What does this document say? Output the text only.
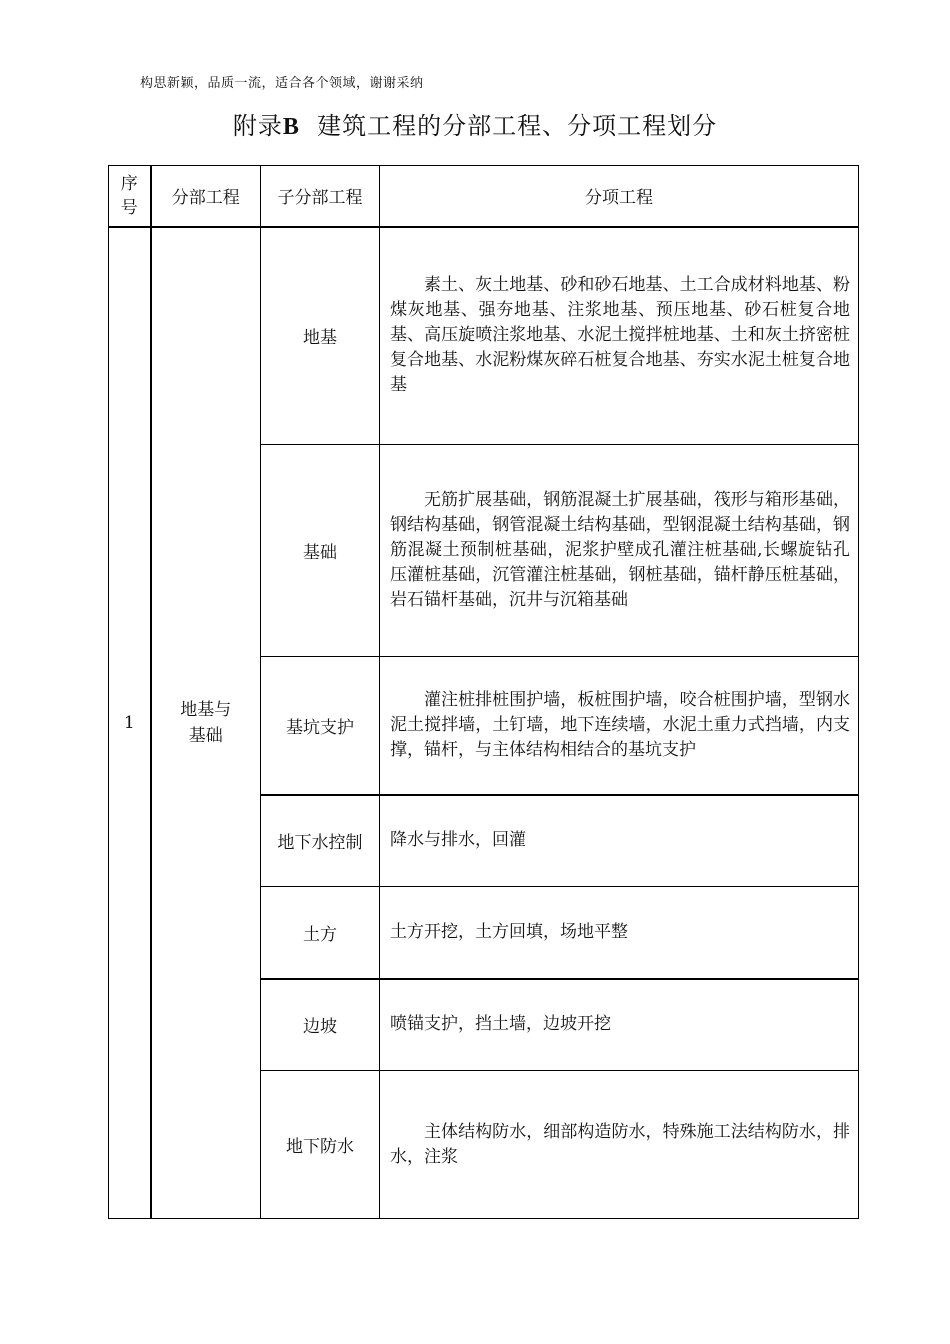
构思新颖，品质一流，适合各个领域，谢谢采纳
附录B 建筑工程的分部工程、分项工程划分
序号	分部工程	子分部工程	分项工程
1	地基与基础	地基	素土、灰土地基、砂和砂石地基、土工合成材料地基、粉煤灰地基、强夯地基、注浆地基、预压地基、砂石桩复合地基、高压旋喷注浆地基、水泥土搅拌桩地基、土和灰土挤密桩复合地基、水泥粉煤灰碎石桩复合地基、夯实水泥土桩复合地基
		基础	无筋扩展基础，钢筋混凝土扩展基础，筏形与箱形基础，钢结构基础，钢管混凝土结构基础，型钢混凝土结构基础，钢筋混凝土预制桩基础，泥浆护壁成孔灌注桩基础,长螺旋钻孔压灌桩基础，沉管灌注桩基础，钢桩基础，锚杆静压桩基础，岩石锚杆基础，沉井与沉箱基础
		基坑支护	灌注桩排桩围护墙，板桩围护墙，咬合桩围护墙，型钢水泥土搅拌墙，土钉墙，地下连续墙，水泥土重力式挡墙，内支撑，锚杆，与主体结构相结合的基坑支护
		地下水控制	降水与排水，回灌
		土方	土方开挖，土方回填，场地平整
		边坡	喷锚支护，挡土墙，边坡开挖
		地下防水	主体结构防水，细部构造防水，特殊施工法结构防水，排水，注浆
